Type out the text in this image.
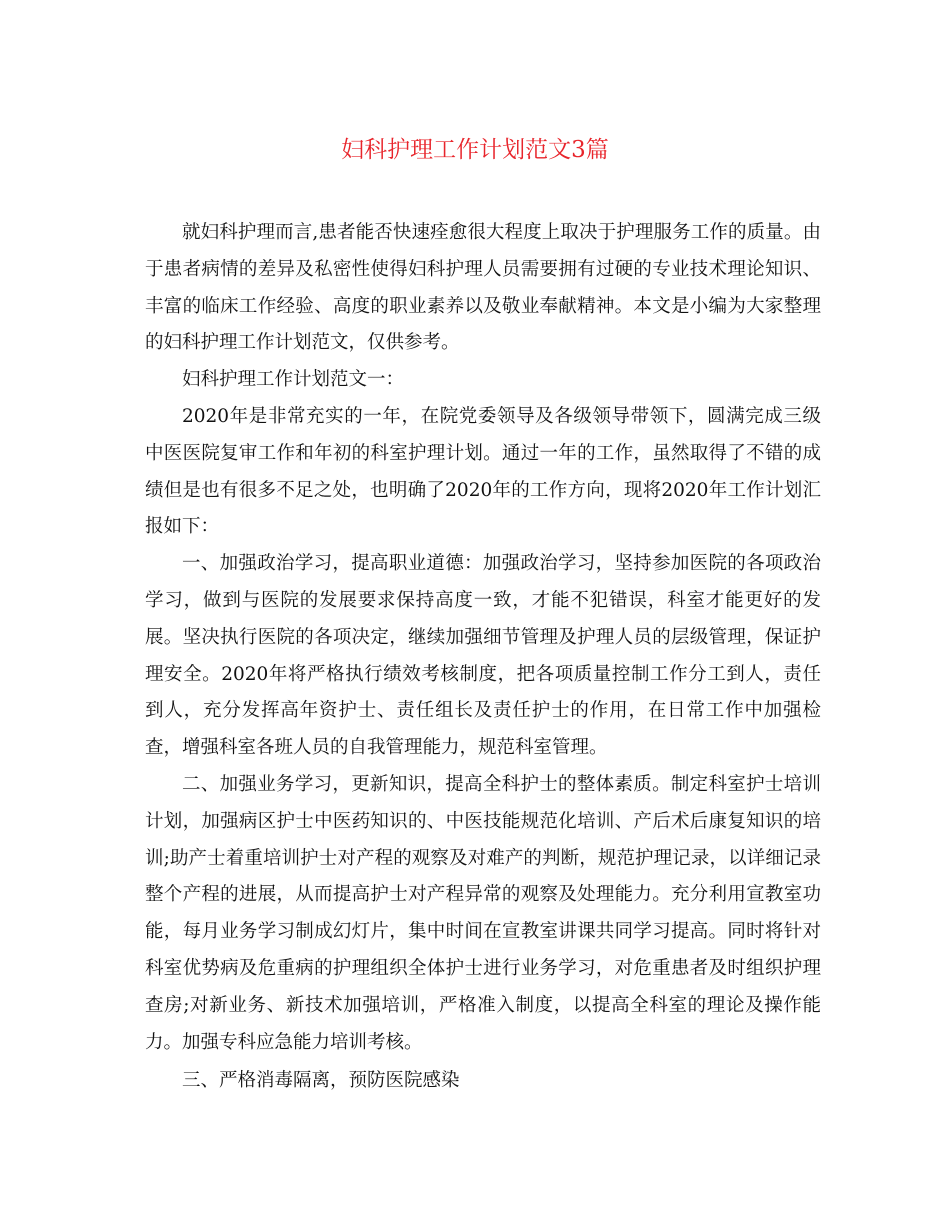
妇科护理工作计划范文3篇

就妇科护理而言,患者能否快速痊愈很大程度上取决于护理服务工作的质量。由于患者病情的差异及私密性使得妇科护理人员需要拥有过硬的专业技术理论知识、丰富的临床工作经验、高度的职业素养以及敬业奉献精神。本文是小编为大家整理的妇科护理工作计划范文，仅供参考。

妇科护理工作计划范文一：

2020年是非常充实的一年，在院党委领导及各级领导带领下，圆满完成三级中医医院复审工作和年初的科室护理计划。通过一年的工作，虽然取得了不错的成绩但是也有很多不足之处，也明确了2020年的工作方向，现将2020年工作计划汇报如下：

一、加强政治学习，提高职业道德：加强政治学习，坚持参加医院的各项政治学习，做到与医院的发展要求保持高度一致，才能不犯错误，科室才能更好的发展。坚决执行医院的各项决定，继续加强细节管理及护理人员的层级管理，保证护理安全。2020年将严格执行绩效考核制度，把各项质量控制工作分工到人，责任到人，充分发挥高年资护士、责任组长及责任护士的作用，在日常工作中加强检查，增强科室各班人员的自我管理能力，规范科室管理。

二、加强业务学习，更新知识，提高全科护士的整体素质。制定科室护士培训计划，加强病区护士中医药知识的、中医技能规范化培训、产后术后康复知识的培训;助产士着重培训护士对产程的观察及对难产的判断，规范护理记录，以详细记录整个产程的进展，从而提高护士对产程异常的观察及处理能力。充分利用宣教室功能，每月业务学习制成幻灯片，集中时间在宣教室讲课共同学习提高。同时将针对科室优势病及危重病的护理组织全体护士进行业务学习，对危重患者及时组织护理查房;对新业务、新技术加强培训，严格准入制度，以提高全科室的理论及操作能力。加强专科应急能力培训考核。

三、严格消毒隔离，预防医院感染
